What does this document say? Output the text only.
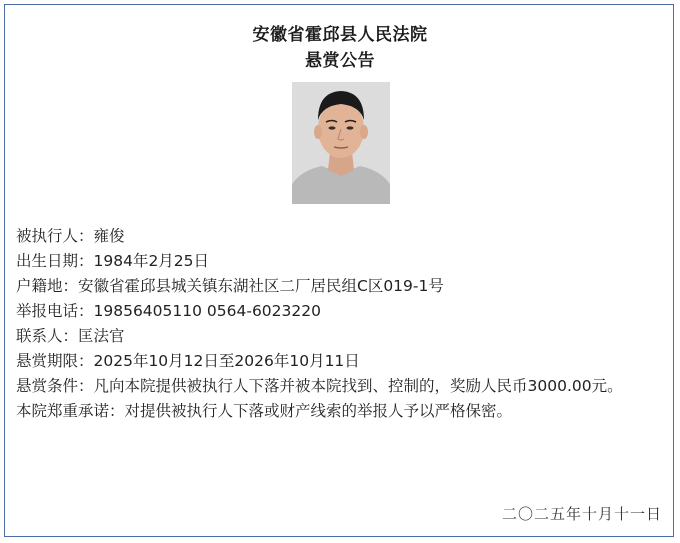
安徽省霍邱县人民法院
悬赏公告
被执行人：雍俊
出生日期：1984年2月25日
户籍地：安徽省霍邱县城关镇东湖社区二厂居民组C区019-1号
举报电话：19856405110 0564-6023220
联系人：匡法官
悬赏期限：2025年10月12日至2026年10月11日
悬赏条件：凡向本院提供被执行人下落并被本院找到、控制的，奖励人民币3000.00元。
本院郑重承诺：对提供被执行人下落或财产线索的举报人予以严格保密。
二〇二五年十月十一日
